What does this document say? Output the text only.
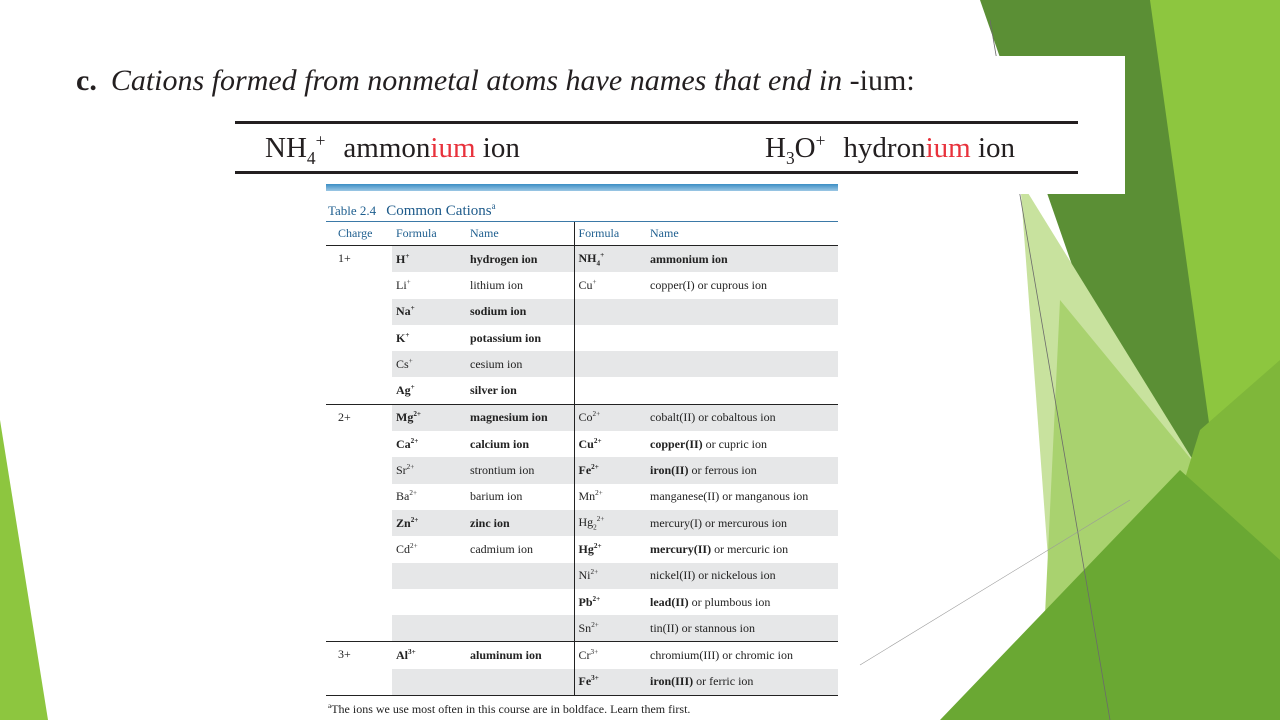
c. Cations formed from nonmetal atoms have names that end in -ium:
$NH_4^+$ ammonium ion	$H_3O^+$ hydronium ion
Table 2.4 Common Cations$^a$
Charge	Formula	Name	Formula	Name
1+	H+	hydrogen ion	$NH_4^+$	ammonium ion
	Li+	lithium ion	Cu+	copper(I) or cuprous ion
	Na+	sodium ion		
	K+	potassium ion		
	Cs+	cesium ion		
	Ag+	silver ion		
2+	$Mg^{2+}$	magnesium ion	$Co^{2+}$	cobalt(II) or cobaltous ion
	$Ca^{2+}$	calcium ion	$Cu^{2+}$	copper(II) or cupric ion
	$Sr^{2+}$	strontium ion	$Fe^{2+}$	iron(II) or ferrous ion
	$Ba^{2+}$	barium ion	$Mn^{2+}$	manganese(II) or manganous ion
	$Zn^{2+}$	zinc ion	$Hg_2^{2+}$	mercury(I) or mercurous ion
	$Cd^{2+}$	cadmium ion	$Hg^{2+}$	mercury(II) or mercuric ion
			$Ni^{2+}$	nickel(II) or nickelous ion
			$Pb^{2+}$	lead(II) or plumbous ion
			$Sn^{2+}$	tin(II) or stannous ion
3+	$Al^{3+}$	aluminum ion	$Cr^{3+}$	chromium(III) or chromic ion
			$Fe^{3+}$	iron(III) or ferric ion
$^a$The ions we use most often in this course are in boldface. Learn them first.
